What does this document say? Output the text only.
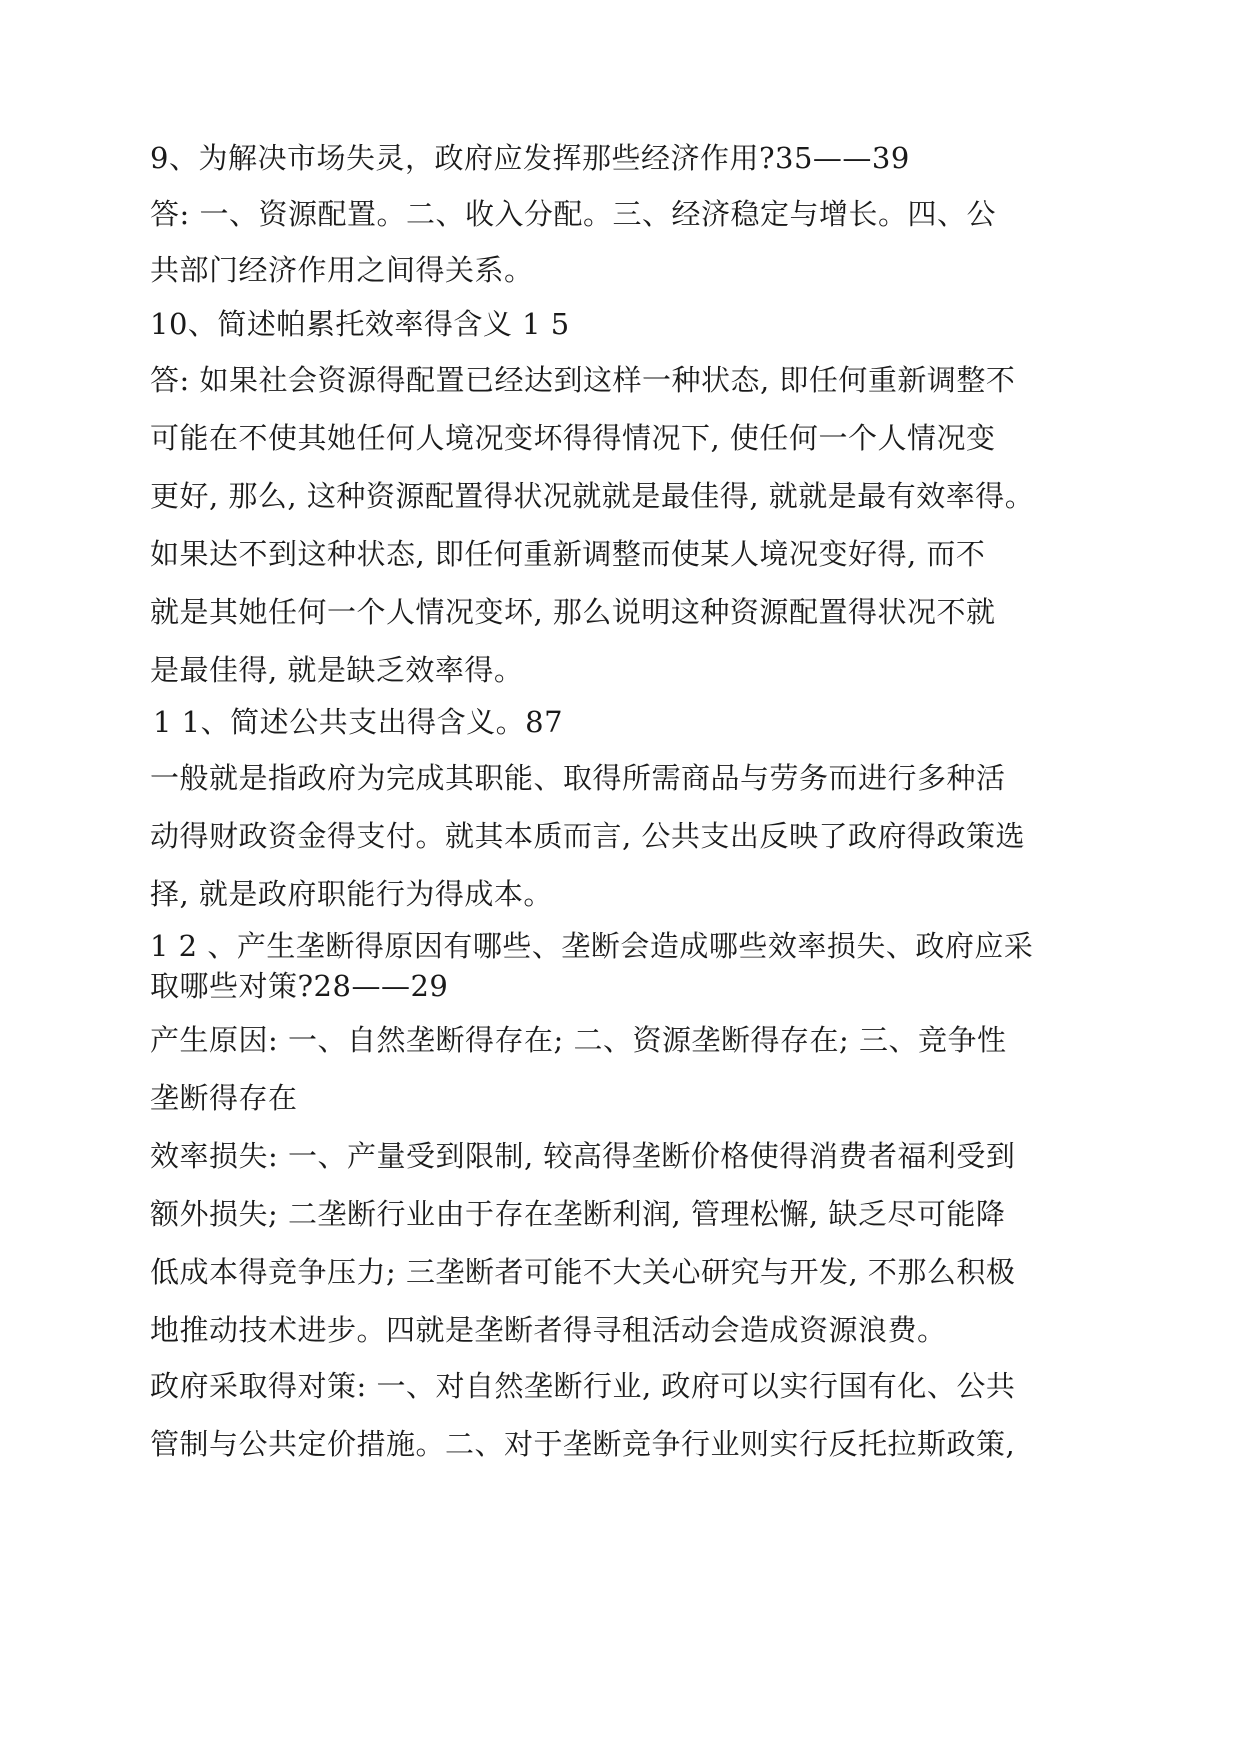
9、为解决市场失灵，政府应发挥那些经济作用?35——39

答: 一、资源配置。二、收入分配。三、经济稳定与增长。四、公

共部门经济作用之间得关系。

10、简述帕累托效率得含义 1 5

答: 如果社会资源得配置已经达到这样一种状态, 即任何重新调整不

可能在不使其她任何人境况变坏得得情况下, 使任何一个人情况变

更好, 那么, 这种资源配置得状况就就是最佳得, 就就是最有效率得。

如果达不到这种状态, 即任何重新调整而使某人境况变好得, 而不

就是其她任何一个人情况变坏, 那么说明这种资源配置得状况不就

是最佳得, 就是缺乏效率得。

1 1、简述公共支出得含义。87

一般就是指政府为完成其职能、取得所需商品与劳务而进行多种活

动得财政资金得支付。就其本质而言, 公共支出反映了政府得政策选

择, 就是政府职能行为得成本。

1 2 、产生垄断得原因有哪些、垄断会造成哪些效率损失、政府应采

取哪些对策?28——29

产生原因: 一、自然垄断得存在; 二、资源垄断得存在; 三、竞争性

垄断得存在

效率损失: 一、产量受到限制, 较高得垄断价格使得消费者福利受到

额外损失; 二垄断行业由于存在垄断利润, 管理松懈, 缺乏尽可能降

低成本得竞争压力; 三垄断者可能不大关心研究与开发, 不那么积极

地推动技术进步。四就是垄断者得寻租活动会造成资源浪费。

政府采取得对策: 一、对自然垄断行业, 政府可以实行国有化、公共

管制与公共定价措施。二、对于垄断竞争行业则实行反托拉斯政策,
